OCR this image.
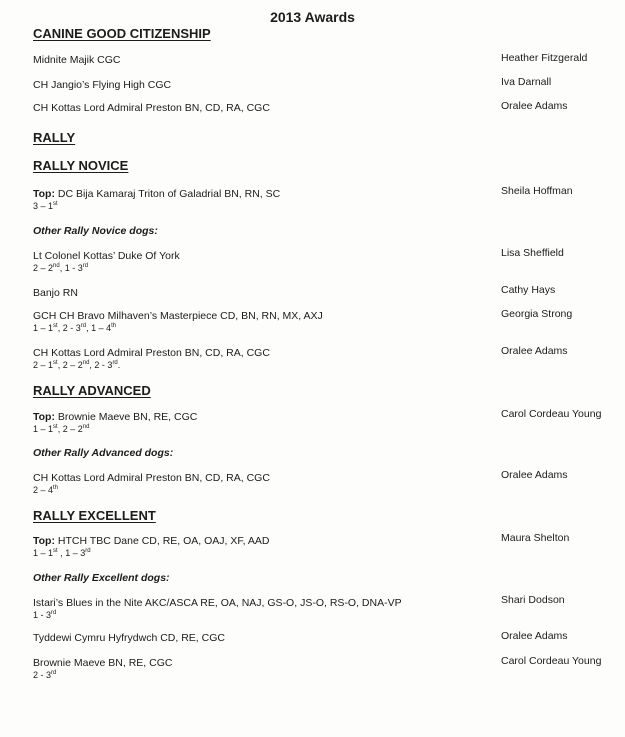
2013 Awards
CANINE GOOD CITIZENSHIP
Midnite Majik CGC	Heather Fitzgerald
CH Jangio’s Flying High CGC	Iva Darnall
CH Kottas Lord Admiral Preston BN, CD, RA, CGC	Oralee Adams
RALLY
RALLY NOVICE
Top: DC Bija Kamaraj Triton of Galadrial BN, RN, SC	Sheila Hoffman
3 – 1st
Other Rally Novice dogs:
Lt Colonel Kottas’ Duke Of York	Lisa Sheffield
2 – 2nd, 1 - 3rd
Banjo RN	Cathy Hays
GCH CH Bravo Milhaven’s Masterpiece CD, BN, RN, MX, AXJ	Georgia Strong
1 – 1st, 2 - 3rd, 1 – 4th
CH Kottas Lord Admiral Preston BN, CD, RA, CGC	Oralee Adams
2 – 1st, 2 – 2nd, 2 - 3rd.
RALLY ADVANCED
Top: Brownie Maeve BN, RE, CGC	Carol Cordeau Young
1 – 1st, 2 – 2nd
Other Rally Advanced dogs:
CH Kottas Lord Admiral Preston BN, CD, RA, CGC	Oralee Adams
2 – 4th
RALLY EXCELLENT
Top: HTCH TBC Dane CD, RE, OA, OAJ, XF, AAD	Maura Shelton
1 – 1st , 1 – 3rd
Other Rally Excellent dogs:
Istari’s Blues in the Nite AKC/ASCA RE, OA, NAJ, GS-O, JS-O, RS-O, DNA-VP	Shari Dodson
1 - 3rd
Tyddewi Cymru Hyfrydwch CD, RE, CGC	Oralee Adams
Brownie Maeve BN, RE, CGC	Carol Cordeau Young
2 - 3rd
